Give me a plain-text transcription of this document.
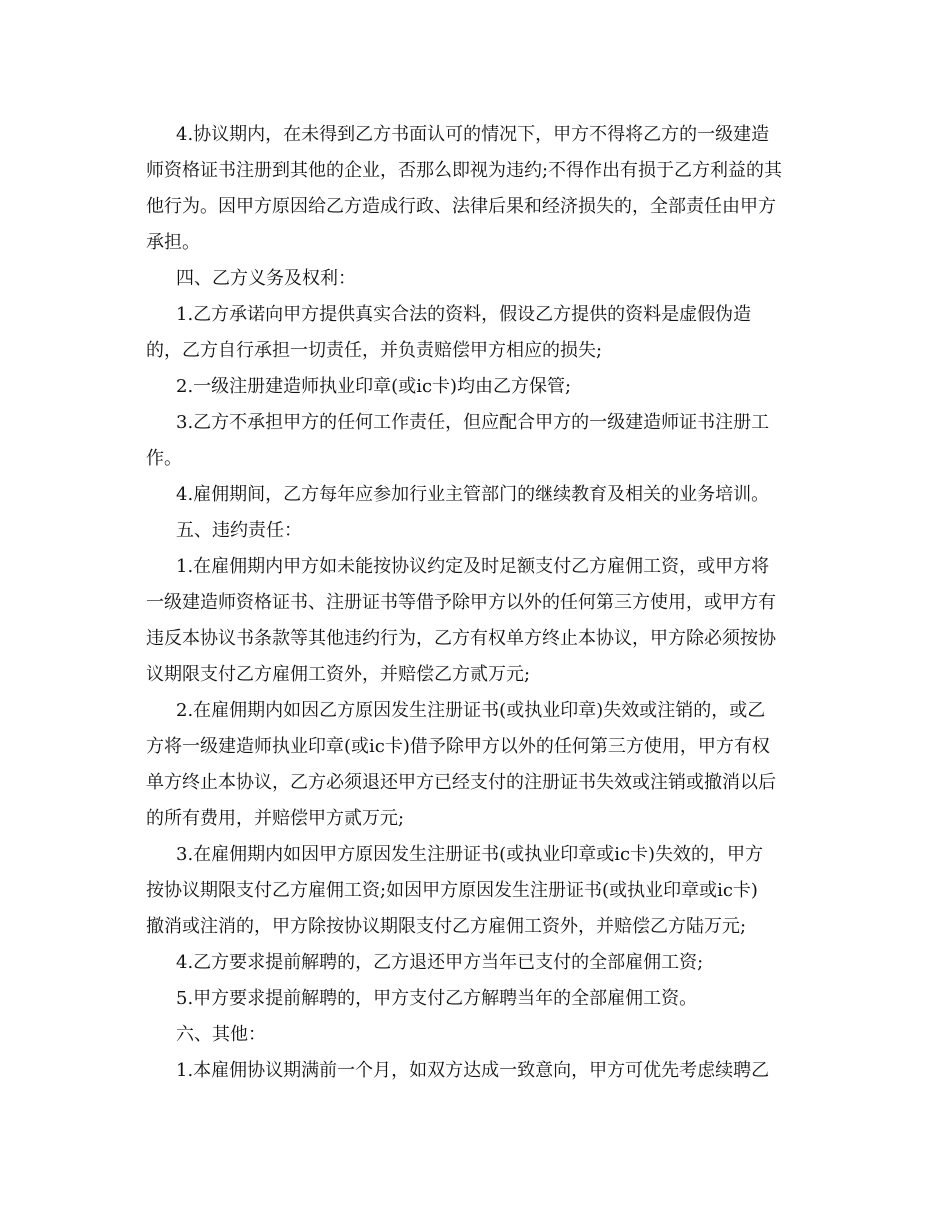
4.协议期内，在未得到乙方书面认可的情况下，甲方不得将乙方的一级建造
师资格证书注册到其他的企业，否那么即视为违约;不得作出有损于乙方利益的其
他行为。因甲方原因给乙方造成行政、法律后果和经济损失的，全部责任由甲方
承担。

四、乙方义务及权利：

1.乙方承诺向甲方提供真实合法的资料，假设乙方提供的资料是虚假伪造
的，乙方自行承担一切责任，并负责赔偿甲方相应的损失;

2.一级注册建造师执业印章(或ic卡)均由乙方保管;

3.乙方不承担甲方的任何工作责任，但应配合甲方的一级建造师证书注册工
作。

4.雇佣期间，乙方每年应参加行业主管部门的继续教育及相关的业务培训。

五、违约责任：

1.在雇佣期内甲方如未能按协议约定及时足额支付乙方雇佣工资，或甲方将
一级建造师资格证书、注册证书等借予除甲方以外的任何第三方使用，或甲方有
违反本协议书条款等其他违约行为，乙方有权单方终止本协议，甲方除必须按协
议期限支付乙方雇佣工资外，并赔偿乙方贰万元;

2.在雇佣期内如因乙方原因发生注册证书(或执业印章)失效或注销的，或乙
方将一级建造师执业印章(或ic卡)借予除甲方以外的任何第三方使用，甲方有权
单方终止本协议，乙方必须退还甲方已经支付的注册证书失效或注销或撤消以后
的所有费用，并赔偿甲方贰万元;

3.在雇佣期内如因甲方原因发生注册证书(或执业印章或ic卡)失效的，甲方
按协议期限支付乙方雇佣工资;如因甲方原因发生注册证书(或执业印章或ic卡)
撤消或注消的，甲方除按协议期限支付乙方雇佣工资外，并赔偿乙方陆万元;

4.乙方要求提前解聘的，乙方退还甲方当年已支付的全部雇佣工资;

5.甲方要求提前解聘的，甲方支付乙方解聘当年的全部雇佣工资。

六、其他：

1.本雇佣协议期满前一个月，如双方达成一致意向，甲方可优先考虑续聘乙
